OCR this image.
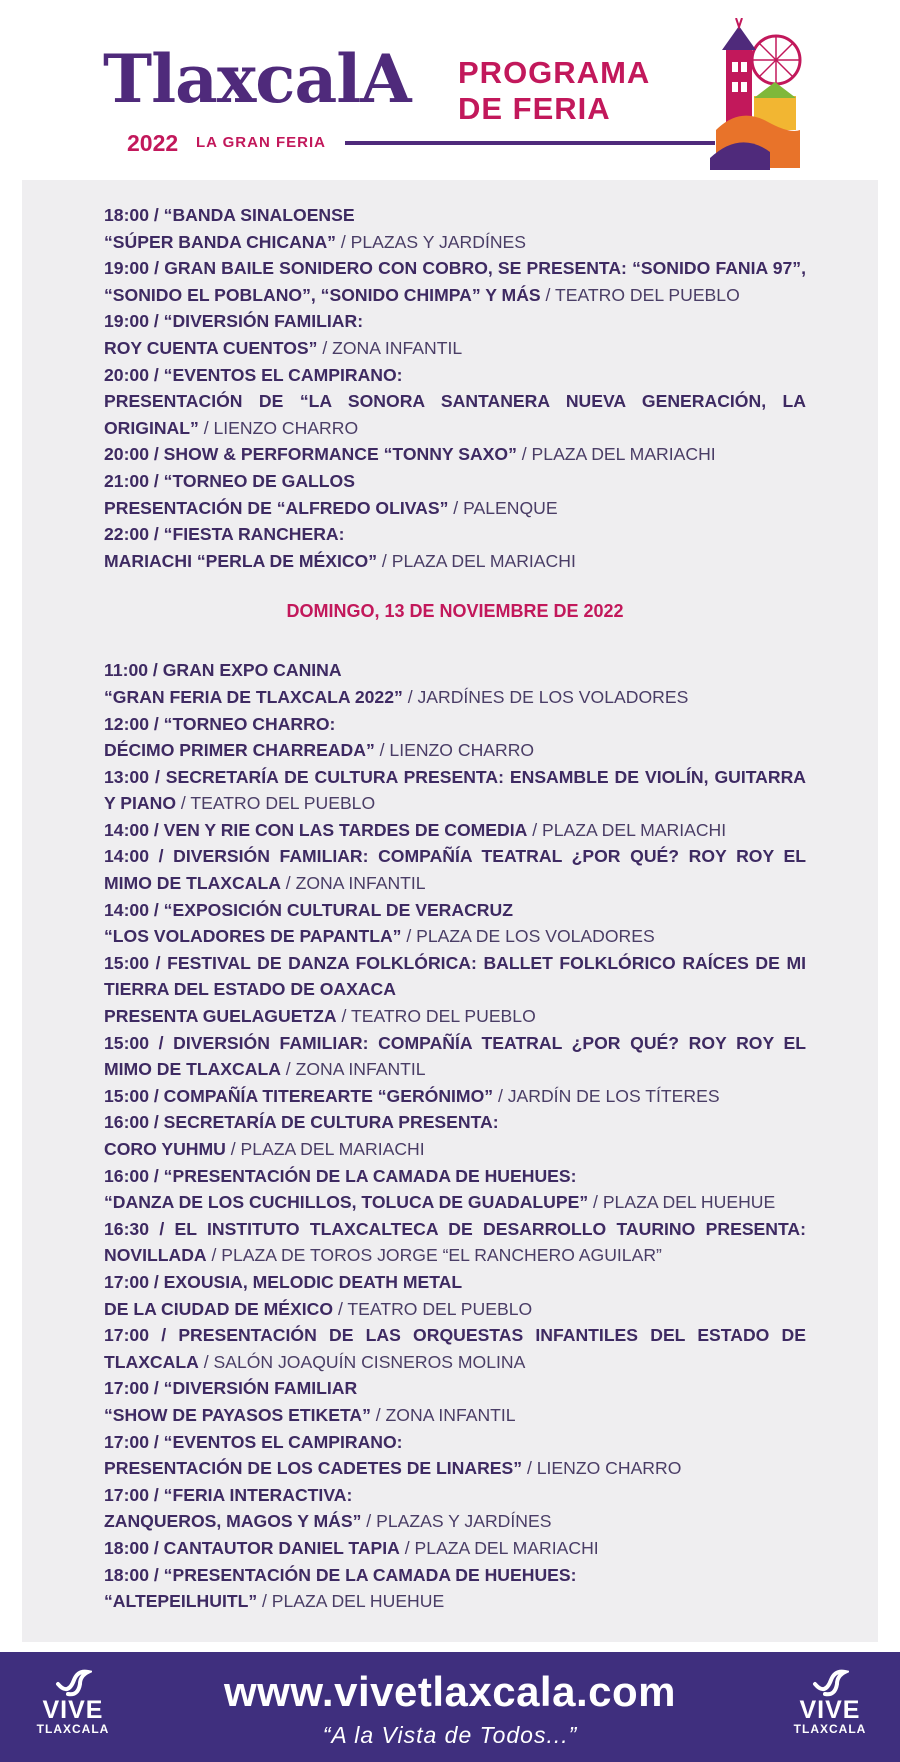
TlaxcalA
2022 LA GRAN FERIA
PROGRAMA
DE FERIA
18:00 / “BANDA SINALOENSE
“SÚPER BANDA CHICANA” / PLAZAS Y JARDÍNES
19:00 / GRAN BAILE SONIDERO CON COBRO, SE PRESENTA: “SONIDO FANIA 97”, “SONIDO EL POBLANO”, “SONIDO CHIMPA” Y MÁS / TEATRO DEL PUEBLO
19:00 / “DIVERSIÓN FAMILIAR:
ROY CUENTA CUENTOS” / ZONA INFANTIL
20:00 / “EVENTOS EL CAMPIRANO:
PRESENTACIÓN DE “LA SONORA SANTANERA NUEVA GENERACIÓN, LA ORIGINAL” / LIENZO CHARRO
20:00 / SHOW & PERFORMANCE “TONNY SAXO” / PLAZA DEL MARIACHI
21:00 / “TORNEO DE GALLOS
PRESENTACIÓN DE “ALFREDO OLIVAS” / PALENQUE
22:00 / “FIESTA RANCHERA:
MARIACHI “PERLA DE MÉXICO” / PLAZA DEL MARIACHI
DOMINGO, 13 DE NOVIEMBRE DE 2022
11:00 / GRAN EXPO CANINA
“GRAN FERIA DE TLAXCALA 2022” / JARDÍNES DE LOS VOLADORES
12:00 / “TORNEO CHARRO:
DÉCIMO PRIMER CHARREADA” / LIENZO CHARRO
13:00 / SECRETARÍA DE CULTURA PRESENTA: ENSAMBLE DE VIOLÍN, GUITARRA Y PIANO / TEATRO DEL PUEBLO
14:00 / VEN Y RIE CON LAS TARDES DE COMEDIA / PLAZA DEL MARIACHI
14:00 / DIVERSIÓN FAMILIAR: COMPAÑÍA TEATRAL ¿POR QUÉ? ROY ROY EL MIMO DE TLAXCALA / ZONA INFANTIL
14:00 / “EXPOSICIÓN CULTURAL DE VERACRUZ
“LOS VOLADORES DE PAPANTLA” / PLAZA DE LOS VOLADORES
15:00 / FESTIVAL DE DANZA FOLKLÓRICA: BALLET FOLKLÓRICO RAÍCES DE MI TIERRA DEL ESTADO DE OAXACA
PRESENTA GUELAGUETZA / TEATRO DEL PUEBLO
15:00 / DIVERSIÓN FAMILIAR: COMPAÑÍA TEATRAL ¿POR QUÉ? ROY ROY EL MIMO DE TLAXCALA / ZONA INFANTIL
15:00 / COMPAÑÍA TITEREARTE “GERÓNIMO” / JARDÍN DE LOS TÍTERES
16:00 / SECRETARÍA DE CULTURA PRESENTA:
CORO YUHMU / PLAZA DEL MARIACHI
16:00 / “PRESENTACIÓN DE LA CAMADA DE HUEHUES:
“DANZA DE LOS CUCHILLOS, TOLUCA DE GUADALUPE” / PLAZA DEL HUEHUE
16:30 / EL INSTITUTO TLAXCALTECA DE DESARROLLO TAURINO PRESENTA: NOVILLADA / PLAZA DE TOROS JORGE “EL RANCHERO AGUILAR”
17:00 / EXOUSIA, MELODIC DEATH METAL
DE LA CIUDAD DE MÉXICO / TEATRO DEL PUEBLO
17:00 / PRESENTACIÓN DE LAS ORQUESTAS INFANTILES DEL ESTADO DE TLAXCALA / SALÓN JOAQUÍN CISNEROS MOLINA
17:00 / “DIVERSIÓN FAMILIAR
“SHOW DE PAYASOS ETIKETA” / ZONA INFANTIL
17:00 / “EVENTOS EL CAMPIRANO:
PRESENTACIÓN DE LOS CADETES DE LINARES” / LIENZO CHARRO
17:00 / “FERIA INTERACTIVA:
ZANQUEROS, MAGOS Y MÁS” / PLAZAS Y JARDÍNES
18:00 / CANTAUTOR DANIEL TAPIA / PLAZA DEL MARIACHI
18:00 / “PRESENTACIÓN DE LA CAMADA DE HUEHUES:
“ALTEPEILHUITL” / PLAZA DEL HUEHUE
VIVE
TLAXCALA
www.vivetlaxcala.com
“A la Vista de Todos...”
VIVE
TLAXCALA
